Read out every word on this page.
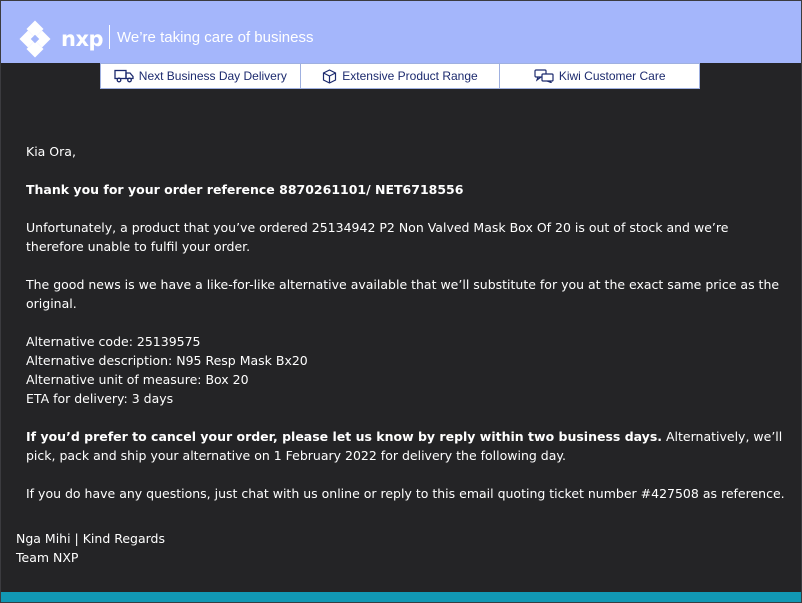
nxp We’re taking care of business
Next Business Day Delivery	Extensive Product Range	Kiwi Customer Care

Kia Ora,

Thank you for your order reference 8870261101/ NET6718556

Unfortunately, a product that you’ve ordered 25134942 P2 Non Valved Mask Box Of 20 is out of stock and we’re therefore unable to fulfil your order.

The good news is we have a like-for-like alternative available that we’ll substitute for you at the exact same price as the original.

Alternative code: 25139575

Alternative description: N95 Resp Mask Bx20

Alternative unit of measure: Box 20

ETA for delivery: 3 days

If you’d prefer to cancel your order, please let us know by reply within two business days. Alternatively, we’ll pick, pack and ship your alternative on 1 February 2022 for delivery the following day.

If you do have any questions, just chat with us online or reply to this email quoting ticket number #427508 as reference.

Nga Mihi | Kind Regards
Team NXP
